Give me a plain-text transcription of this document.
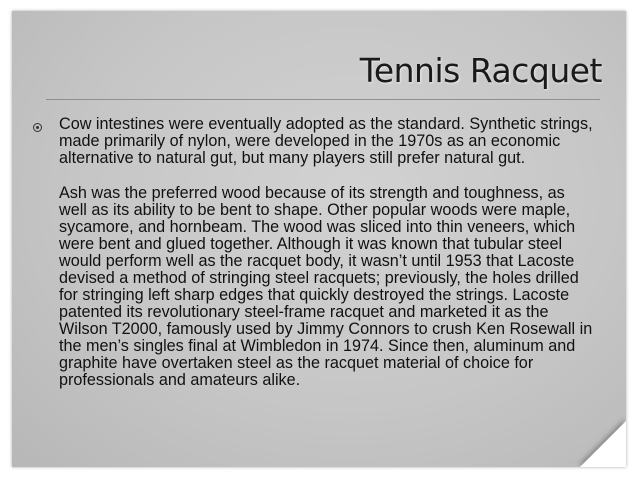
Tennis Racquet

Cow intestines were eventually adopted as the standard. Synthetic strings, made primarily of nylon, were developed in the 1970s as an economic alternative to natural gut, but many players still prefer natural gut.

Ash was the preferred wood because of its strength and toughness, as well as its ability to be bent to shape. Other popular woods were maple, sycamore, and hornbeam. The wood was sliced into thin veneers, which were bent and glued together. Although it was known that tubular steel would perform well as the racquet body, it wasn’t until 1953 that Lacoste devised a method of stringing steel racquets; previously, the holes drilled for stringing left sharp edges that quickly destroyed the strings. Lacoste patented its revolutionary steel-frame racquet and marketed it as the Wilson T2000, famously used by Jimmy Connors to crush Ken Rosewall in the men’s singles final at Wimbledon in 1974. Since then, aluminum and graphite have overtaken steel as the racquet material of choice for professionals and amateurs alike.
